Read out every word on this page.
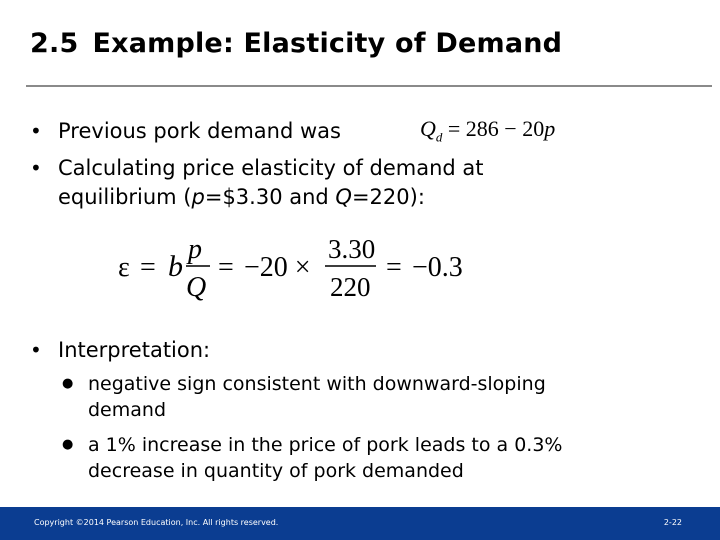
2.5 Example: Elasticity of Demand
• Previous pork demand was	$Q_d = 286 - 20p$
• Calculating price elasticity of demand at
equilibrium (p=$3.30 and Q=220):
ε = b
p
Q
= −20 ×
3.30
220
= −0.3
• Interpretation:
● negative sign consistent with downward-sloping
demand
● a 1% increase in the price of pork leads to a 0.3%
decrease in quantity of pork demanded
Copyright ©2014 Pearson Education, Inc. All rights reserved.	2-22
